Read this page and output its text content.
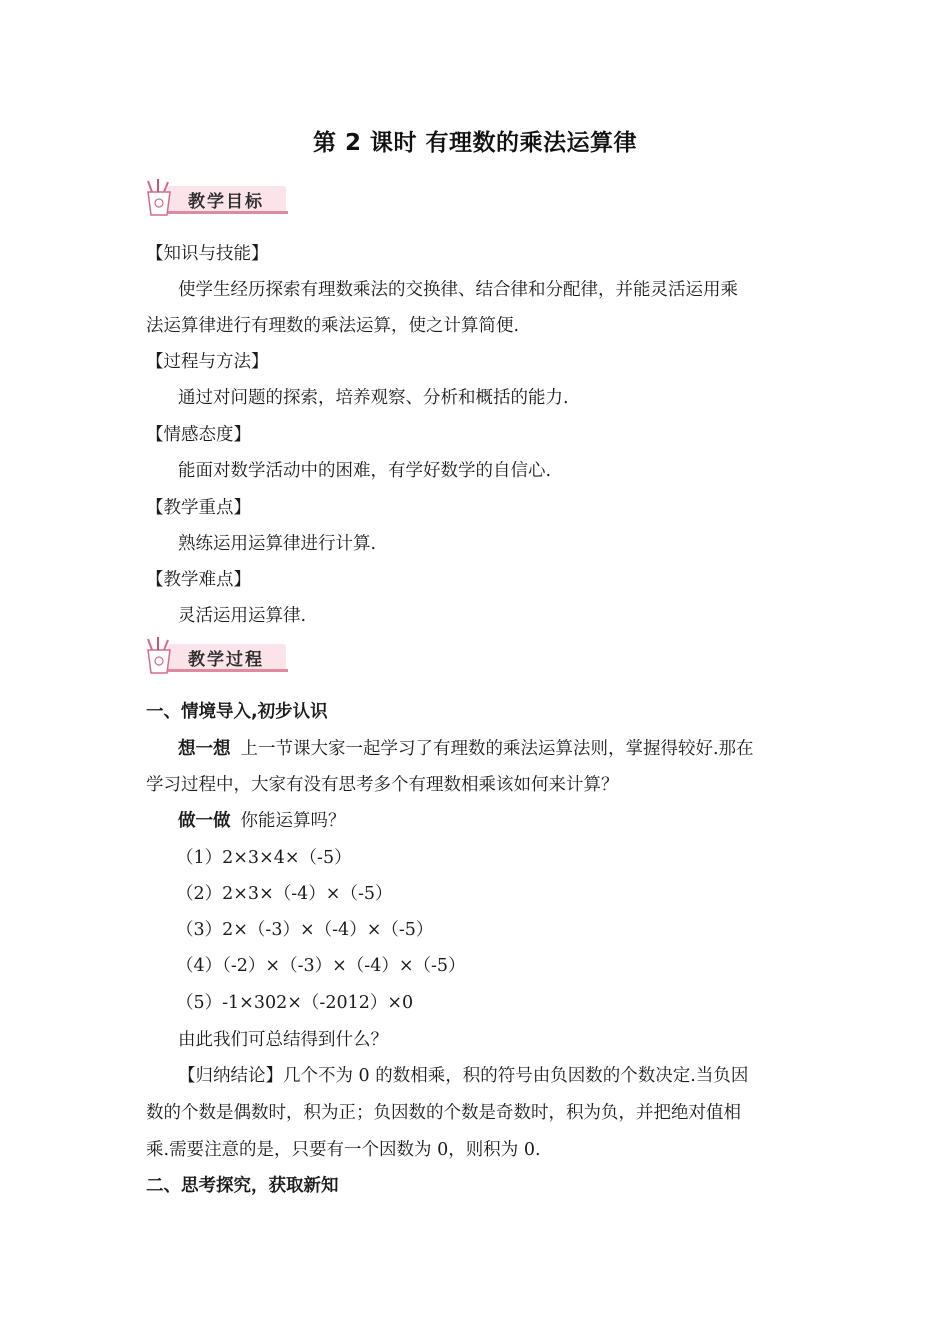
第 2 课时 有理数的乘法运算律
教学目标
【知识与技能】
使学生经历探索有理数乘法的交换律、结合律和分配律，并能灵活运用乘
法运算律进行有理数的乘法运算，使之计算简便.
【过程与方法】
通过对问题的探索，培养观察、分析和概括的能力.
【情感态度】
能面对数学活动中的困难，有学好数学的自信心.
【教学重点】
熟练运用运算律进行计算.
【教学难点】
灵活运用运算律.
教学过程
一、情境导入,初步认识
想一想 上一节课大家一起学习了有理数的乘法运算法则，掌握得较好.那在
学习过程中，大家有没有思考多个有理数相乘该如何来计算？
做一做 你能运算吗？
（1）2×3×4×（-5）
（2）2×3×（-4）×（-5）
（3）2×（-3）×（-4）×（-5）
（4）（-2）×（-3）×（-4）×（-5）
（5）-1×302×（-2012）×0
由此我们可总结得到什么？
【归纳结论】几个不为 0 的数相乘，积的符号由负因数的个数决定.当负因
数的个数是偶数时，积为正；负因数的个数是奇数时，积为负，并把绝对值相
乘.需要注意的是，只要有一个因数为 0，则积为 0.
二、思考探究，获取新知
